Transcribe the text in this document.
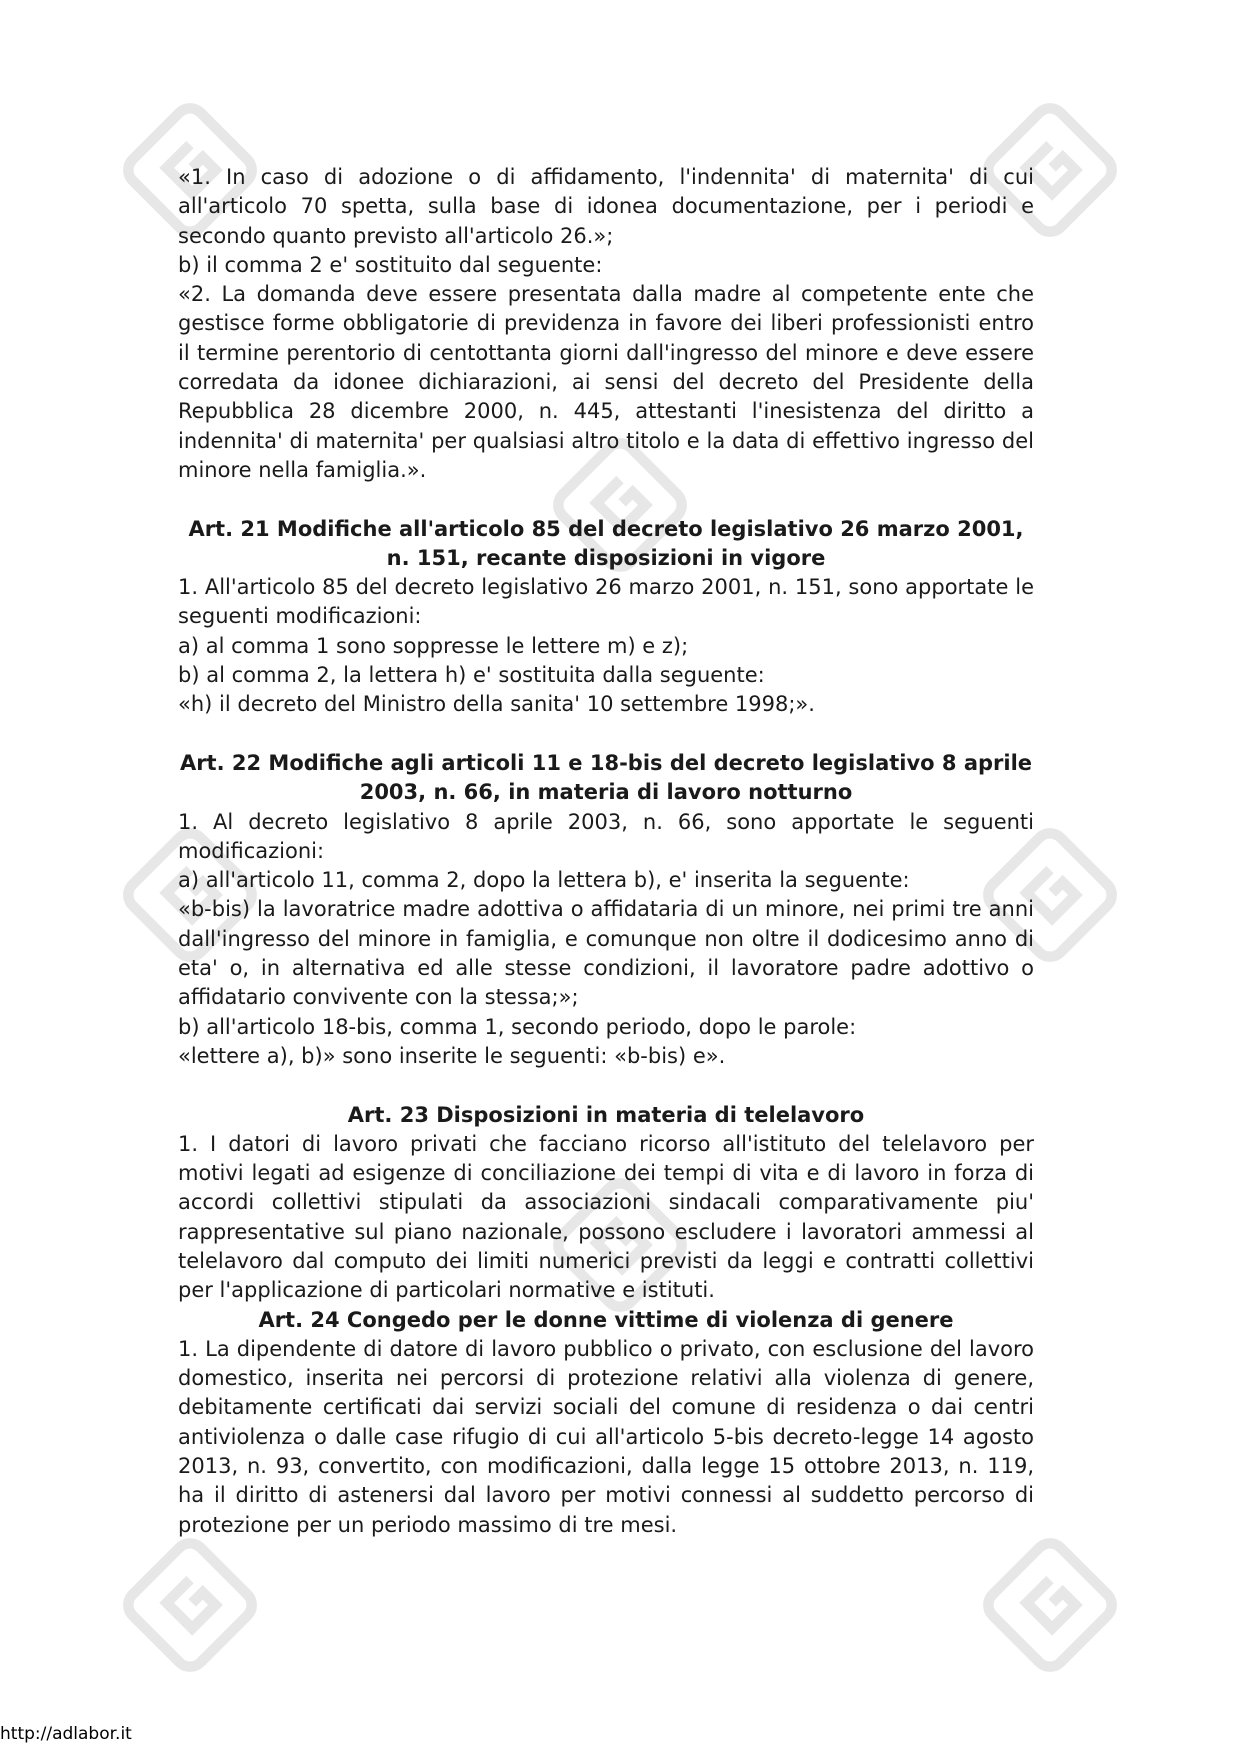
«1. In caso di adozione o di affidamento, l'indennita' di maternita' di cui all'articolo 70 spetta, sulla base di idonea documentazione, per i periodi e secondo quanto previsto all'articolo 26.»;

b) il comma 2 e' sostituito dal seguente:

«2. La domanda deve essere presentata dalla madre al competente ente che gestisce forme obbligatorie di previdenza in favore dei liberi professionisti entro il termine perentorio di centottanta giorni dall'ingresso del minore e deve essere corredata da idonee dichiarazioni, ai sensi del decreto del Presidente della Repubblica 28 dicembre 2000, n. 445, attestanti l'inesistenza del diritto a indennita' di maternita' per qualsiasi altro titolo e la data di effettivo ingresso del minore nella famiglia.».

Art. 21 Modifiche all'articolo 85 del decreto legislativo 26 marzo 2001, n. 151, recante disposizioni in vigore

1. All'articolo 85 del decreto legislativo 26 marzo 2001, n. 151, sono apportate le seguenti modificazioni:

a) al comma 1 sono soppresse le lettere m) e z);

b) al comma 2, la lettera h) e' sostituita dalla seguente:

«h) il decreto del Ministro della sanita' 10 settembre 1998;».

Art. 22 Modifiche agli articoli 11 e 18-bis del decreto legislativo 8 aprile 2003, n. 66, in materia di lavoro notturno

1. Al decreto legislativo 8 aprile 2003, n. 66, sono apportate le seguenti modificazioni:

a) all'articolo 11, comma 2, dopo la lettera b), e' inserita la seguente:

«b-bis) la lavoratrice madre adottiva o affidataria di un minore, nei primi tre anni dall'ingresso del minore in famiglia, e comunque non oltre il dodicesimo anno di eta' o, in alternativa ed alle stesse condizioni, il lavoratore padre adottivo o affidatario convivente con la stessa;»;

b) all'articolo 18-bis, comma 1, secondo periodo, dopo le parole:

«lettere a), b)» sono inserite le seguenti: «b-bis) e».

Art. 23 Disposizioni in materia di telelavoro

1. I datori di lavoro privati che facciano ricorso all'istituto del telelavoro per motivi legati ad esigenze di conciliazione dei tempi di vita e di lavoro in forza di accordi collettivi stipulati da associazioni sindacali comparativamente piu' rappresentative sul piano nazionale, possono escludere i lavoratori ammessi al telelavoro dal computo dei limiti numerici previsti da leggi e contratti collettivi per l'applicazione di particolari normative e istituti.

Art. 24 Congedo per le donne vittime di violenza di genere

1. La dipendente di datore di lavoro pubblico o privato, con esclusione del lavoro domestico, inserita nei percorsi di protezione relativi alla violenza di genere, debitamente certificati dai servizi sociali del comune di residenza o dai centri antiviolenza o dalle case rifugio di cui all'articolo 5-bis decreto-legge 14 agosto 2013, n. 93, convertito, con modificazioni, dalla legge 15 ottobre 2013, n. 119, ha il diritto di astenersi dal lavoro per motivi connessi al suddetto percorso di protezione per un periodo massimo di tre mesi.

http://adlabor.it
